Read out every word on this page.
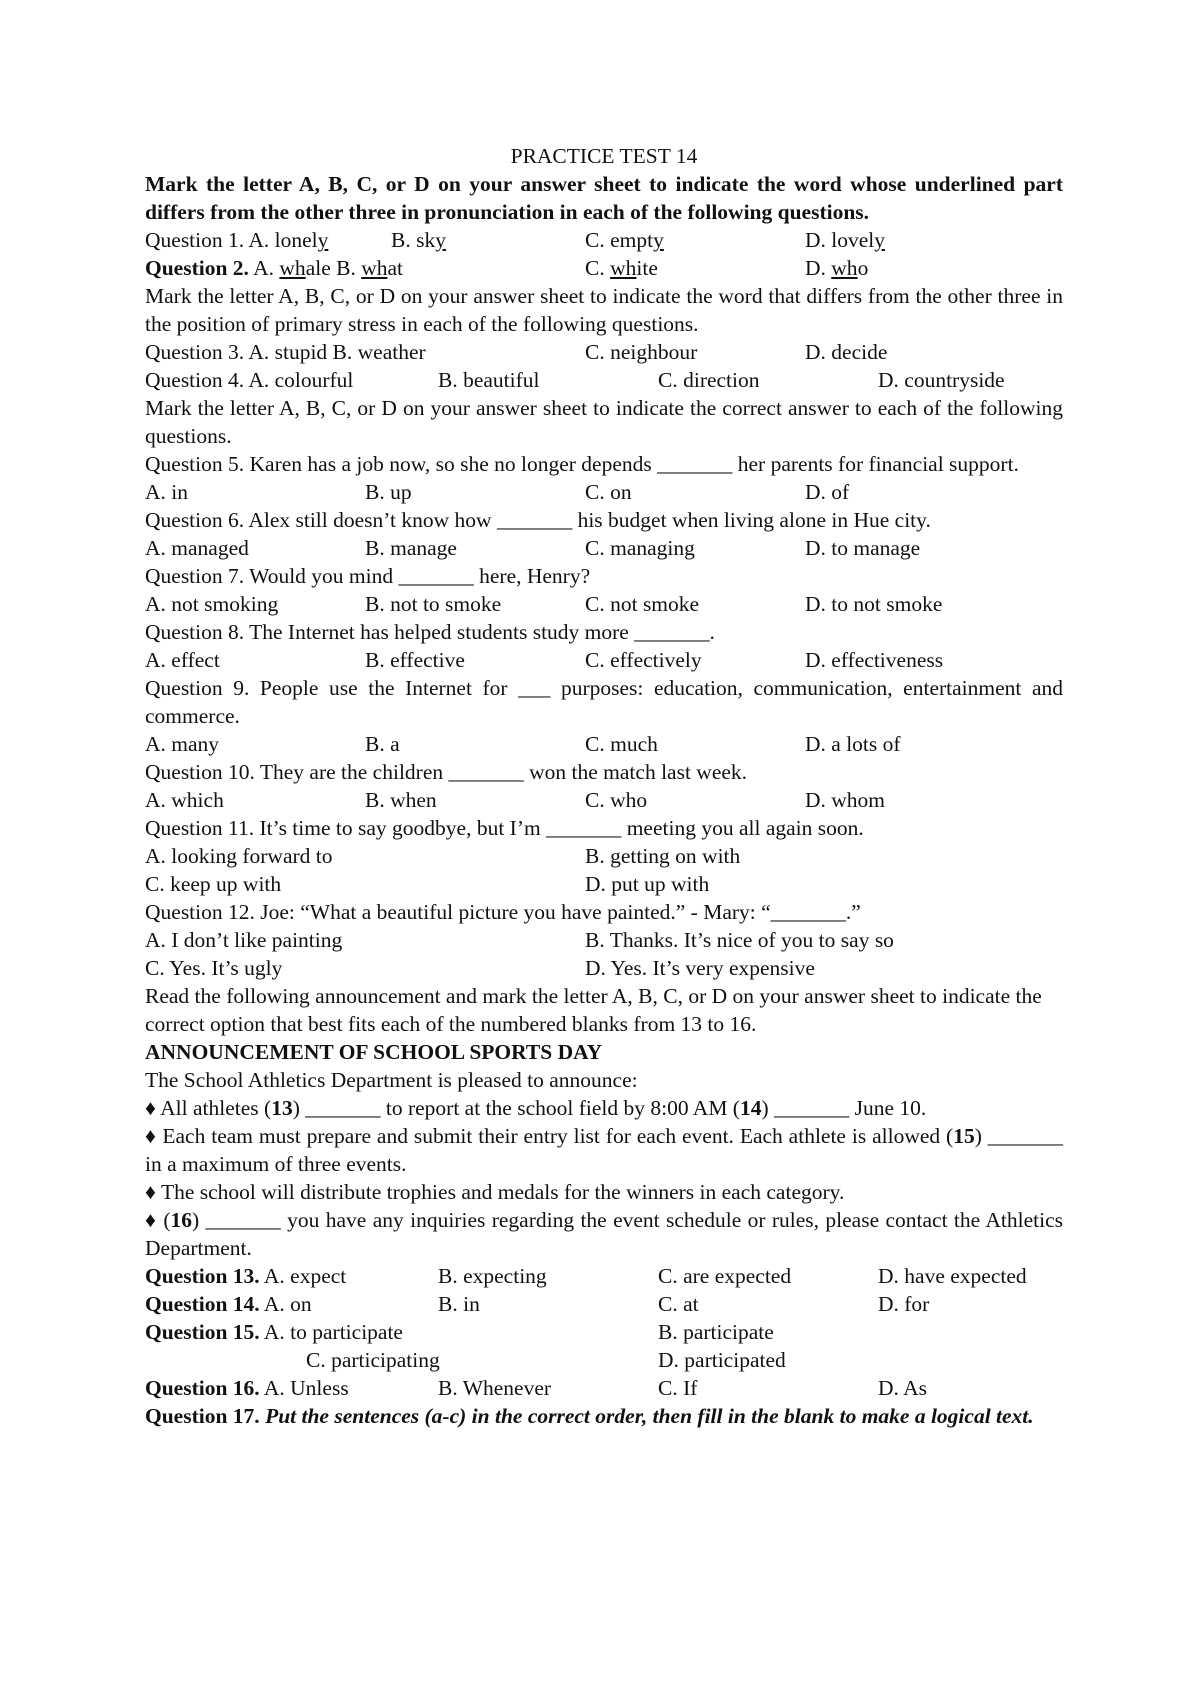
PRACTICE TEST 14
Mark the letter A, B, C, or D on your answer sheet to indicate the word whose underlined part differs from the other three in pronunciation in each of the following questions.
Question 1. A. lonely	B. sky	C. empty	D. lovely
Question 2. A. whale B. what	C. white	D. who
Mark the letter A, B, C, or D on your answer sheet to indicate the word that differs from the other three in the position of primary stress in each of the following questions.
Question 3. A. stupid B. weather	C. neighbour	D. decide
Question 4. A. colourful	B. beautiful	C. direction	D. countryside
Mark the letter A, B, C, or D on your answer sheet to indicate the correct answer to each of the following questions.
Question 5. Karen has a job now, so she no longer depends _______ her parents for financial support.
A. in	B. up	C. on	D. of
Question 6. Alex still doesn’t know how _______ his budget when living alone in Hue city.
A. managed	B. manage	C. managing	D. to manage
Question 7. Would you mind _______ here, Henry?
A. not smoking	B. not to smoke	C. not smoke	D. to not smoke
Question 8. The Internet has helped students study more _______.
A. effect	B. effective	C. effectively	D. effectiveness
Question 9. People use the Internet for ___ purposes: education, communication, entertainment and commerce.
A. many	B. a	C. much	D. a lots of
Question 10. They are the children _______ won the match last week.
A. which	B. when	C. who	D. whom
Question 11. It’s time to say goodbye, but I’m _______ meeting you all again soon.
A. looking forward to	B. getting on with
C. keep up with	D. put up with
Question 12. Joe: “What a beautiful picture you have painted.” - Mary: “_______.”
A. I don’t like painting	B. Thanks. It’s nice of you to say so
C. Yes. It’s ugly	D. Yes. It’s very expensive
Read the following announcement and mark the letter A, B, C, or D on your answer sheet to indicate the correct option that best fits each of the numbered blanks from 13 to 16.
ANNOUNCEMENT OF SCHOOL SPORTS DAY
The School Athletics Department is pleased to announce:
♦ All athletes (13) _______ to report at the school field by 8:00 AM (14) _______ June 10.
♦ Each team must prepare and submit their entry list for each event. Each athlete is allowed (15) _______ in a maximum of three events.
♦ The school will distribute trophies and medals for the winners in each category.
♦ (16) _______ you have any inquiries regarding the event schedule or rules, please contact the Athletics Department.
Question 13. A. expect	B. expecting	C. are expected	D. have expected
Question 14. A. on	B. in	C. at	D. for
Question 15. A. to participate	B. participate
C. participating	D. participated
Question 16. A. Unless	B. Whenever	C. If	D. As
Question 17. Put the sentences (a-c) in the correct order, then fill in the blank to make a logical text.
